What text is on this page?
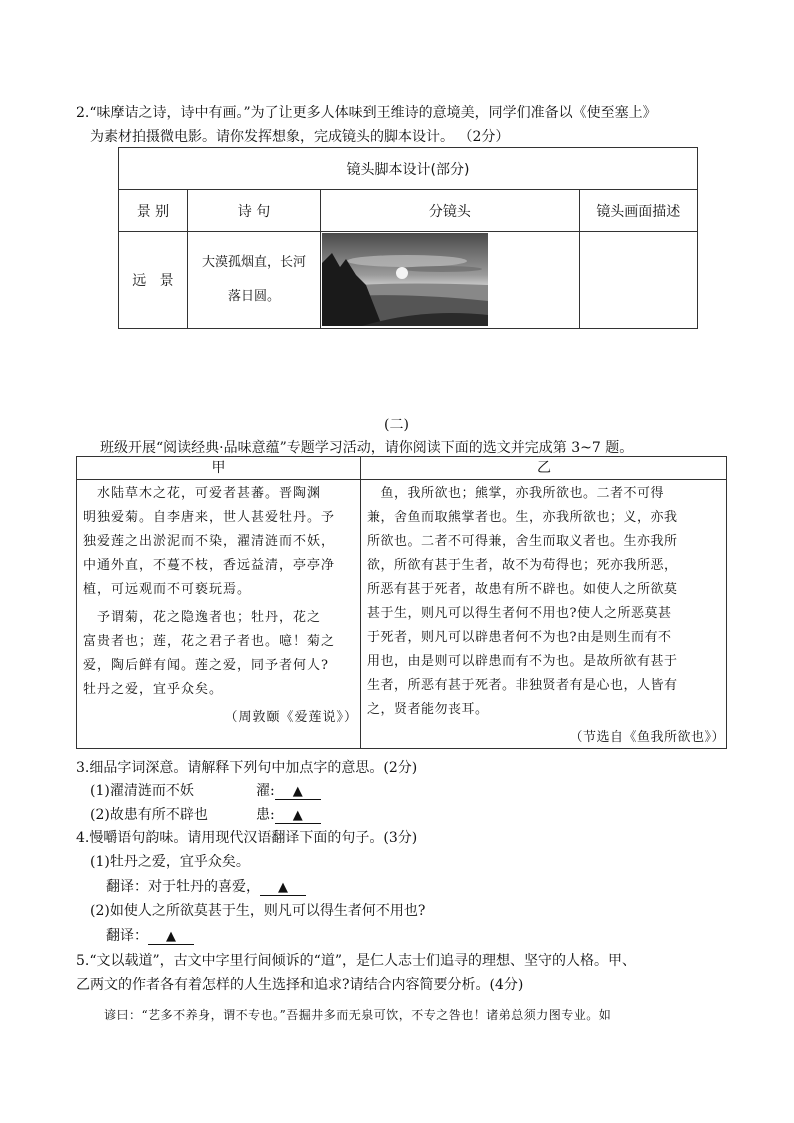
2.“味摩诘之诗，诗中有画。”为了让更多人体味到王维诗的意境美，同学们准备以《使至塞上》
为素材拍摄微电影。请你发挥想象，完成镜头的脚本设计。 （2分）
镜头脚本设计(部分)			
景 别	诗 句	分镜头	镜头画面描述
远   景	大漠孤烟直，长河
落日圆。		

(二)
班级开展“阅读经典·品味意蕴”专题学习活动，请你阅读下面的选文并完成第 3~7 题。
甲	乙
　水陆草木之花，可爱者甚蕃。晋陶渊
明独爱菊。自李唐来，世人甚爱牡丹。予
独爱莲之出淤泥而不染，濯清涟而不妖，
中通外直，不蔓不枝，香远益清，亭亭净
植，可远观而不可亵玩焉。
　予谓菊，花之隐逸者也；牡丹，花之
富贵者也；莲，花之君子者也。噫！菊之
爱，陶后鲜有闻。莲之爱，同予者何人?
牡丹之爱，宜乎众矣。
（周敦颐《爱莲说》）
　鱼，我所欲也；熊掌，亦我所欲也。二者不可得
兼，舍鱼而取熊掌者也。生，亦我所欲也；义，亦我
所欲也。二者不可得兼，舍生而取义者也。生亦我所
欲，所欲有甚于生者，故不为苟得也；死亦我所恶，
所恶有甚于死者，故患有所不辟也。如使人之所欲莫
甚于生，则凡可以得生者何不用也?使人之所恶莫甚
于死者，则凡可以辟患者何不为也?由是则生而有不
用也，由是则可以辟患而有不为也。是故所欲有甚于
生者，所恶有甚于死者。非独贤者有是心也，人皆有
之，贤者能勿丧耳。
（节选自《鱼我所欲也》）
3.细品字词深意。请解释下列句中加点字的意思。(2分)
(1)濯清涟而不妖	濯: ▲
(2)故患有所不辟也	患: ▲
4.慢嚼语句韵味。请用现代汉语翻译下面的句子。(3分)
(1)牡丹之爱，宜乎众矣。
翻译：对于牡丹的喜爱， ▲
(2)如使人之所欲莫甚于生，则凡可以得生者何不用也?
翻译： ▲
5.“文以载道”，古文中字里行间倾诉的“道”，是仁人志士们追寻的理想、坚守的人格。甲、
乙两文的作者各有着怎样的人生选择和追求?请结合内容简要分析。(4分)
谚曰：“艺多不养身，谓不专也。”吾掘井多而无泉可饮，不专之咎也！诸弟总须力图专业。如
